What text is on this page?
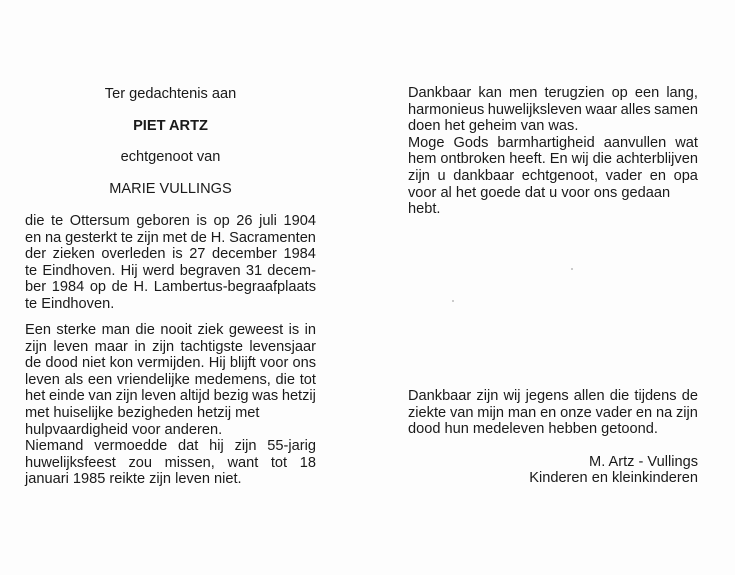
Ter gedachtenis aan
PIET ARTZ
echtgenoot van
MARIE VULLINGS
die te Ottersum geboren is op 26 juli 1904
en na gesterkt te zijn met de H. Sacramenten
der zieken overleden is 27 december 1984
te Eindhoven. Hij werd begraven 31 decem-
ber 1984 op de H. Lambertus-begraafplaats
te Eindhoven.
Een sterke man die nooit ziek geweest is in
zijn leven maar in zijn tachtigste levensjaar
de dood niet kon vermijden. Hij blijft voor ons
leven als een vriendelijke medemens, die tot
het einde van zijn leven altijd bezig was hetzij
met huiselijke bezigheden hetzij met
hulpvaardigheid voor anderen.
Niemand vermoedde dat hij zijn 55-jarig
huwelijksfeest zou missen, want tot 18
januari 1985 reikte zijn leven niet.
Dankbaar kan men terugzien op een lang,
harmonieus huwelijksleven waar alles samen
doen het geheim van was.
Moge Gods barmhartigheid aanvullen wat
hem ontbroken heeft. En wij die achterblijven
zijn u dankbaar echtgenoot, vader en opa
voor al het goede dat u voor ons gedaan hebt.
Dankbaar zijn wij jegens allen die tijdens de
ziekte van mijn man en onze vader en na zijn
dood hun medeleven hebben getoond.
M. Artz - Vullings
Kinderen en kleinkinderen
